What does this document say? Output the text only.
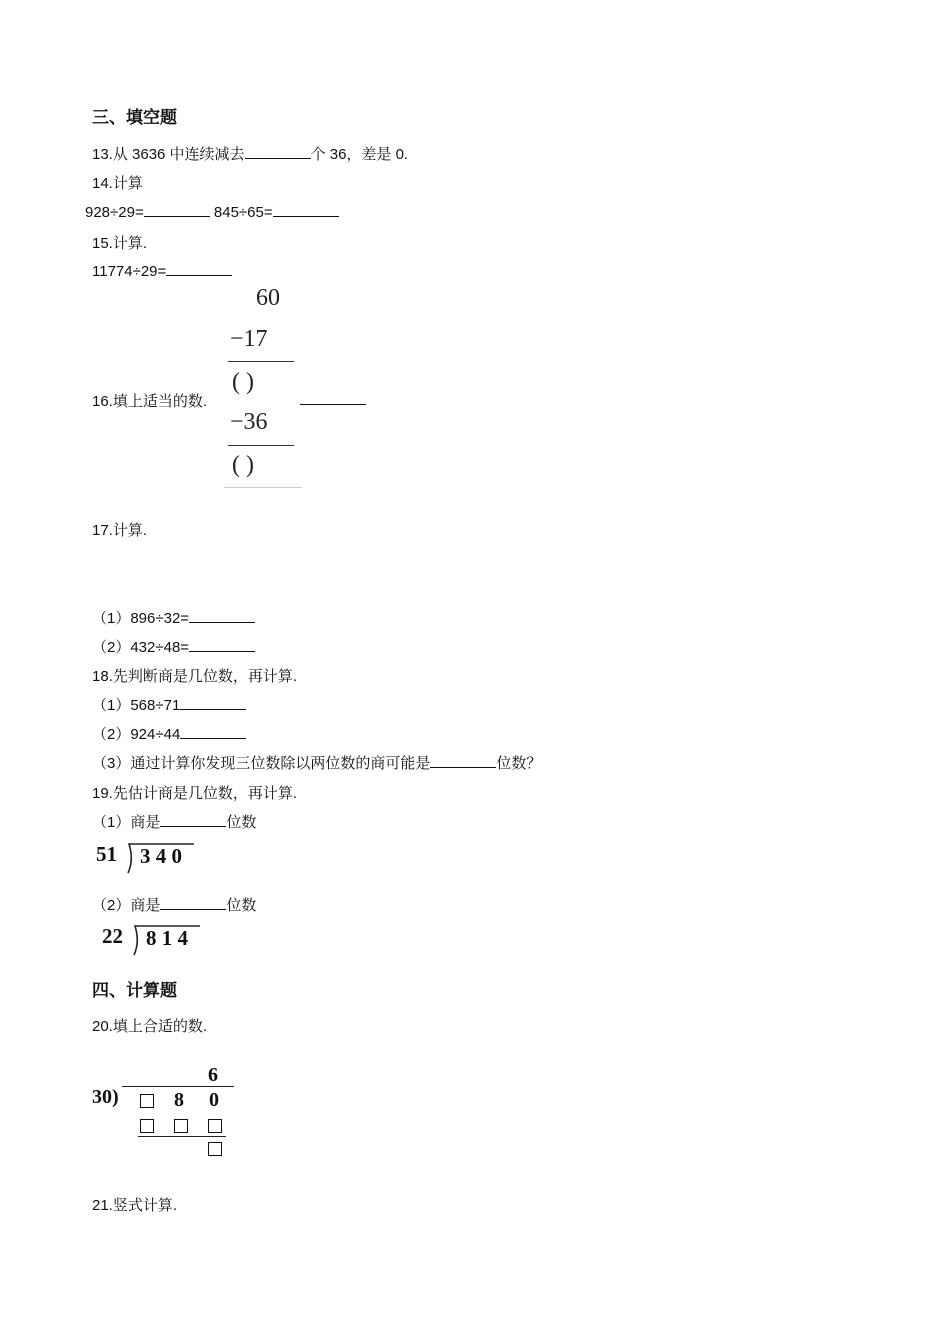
三、填空题
13.从 3636 中连续减去	个 36，差是 0.
14.计算
928÷29=	845÷65=
15.计算.
11774÷29=
16.填上适当的数.
60
−17
( )
−36
( )
17.计算.
（1）896÷32=
（2）432÷48=
18.先判断商是几位数，再计算.
（1）568÷71
（2）924÷44
（3）通过计算你发现三位数除以两位数的商可能是	位数？
19.先估计商是几位数，再计算.
（1）商是	位数
51 3 4 0
（2）商是	位数
22 8 1 4
四、计算题
20.填上合适的数.
6
30)	8 0
21.竖式计算.
